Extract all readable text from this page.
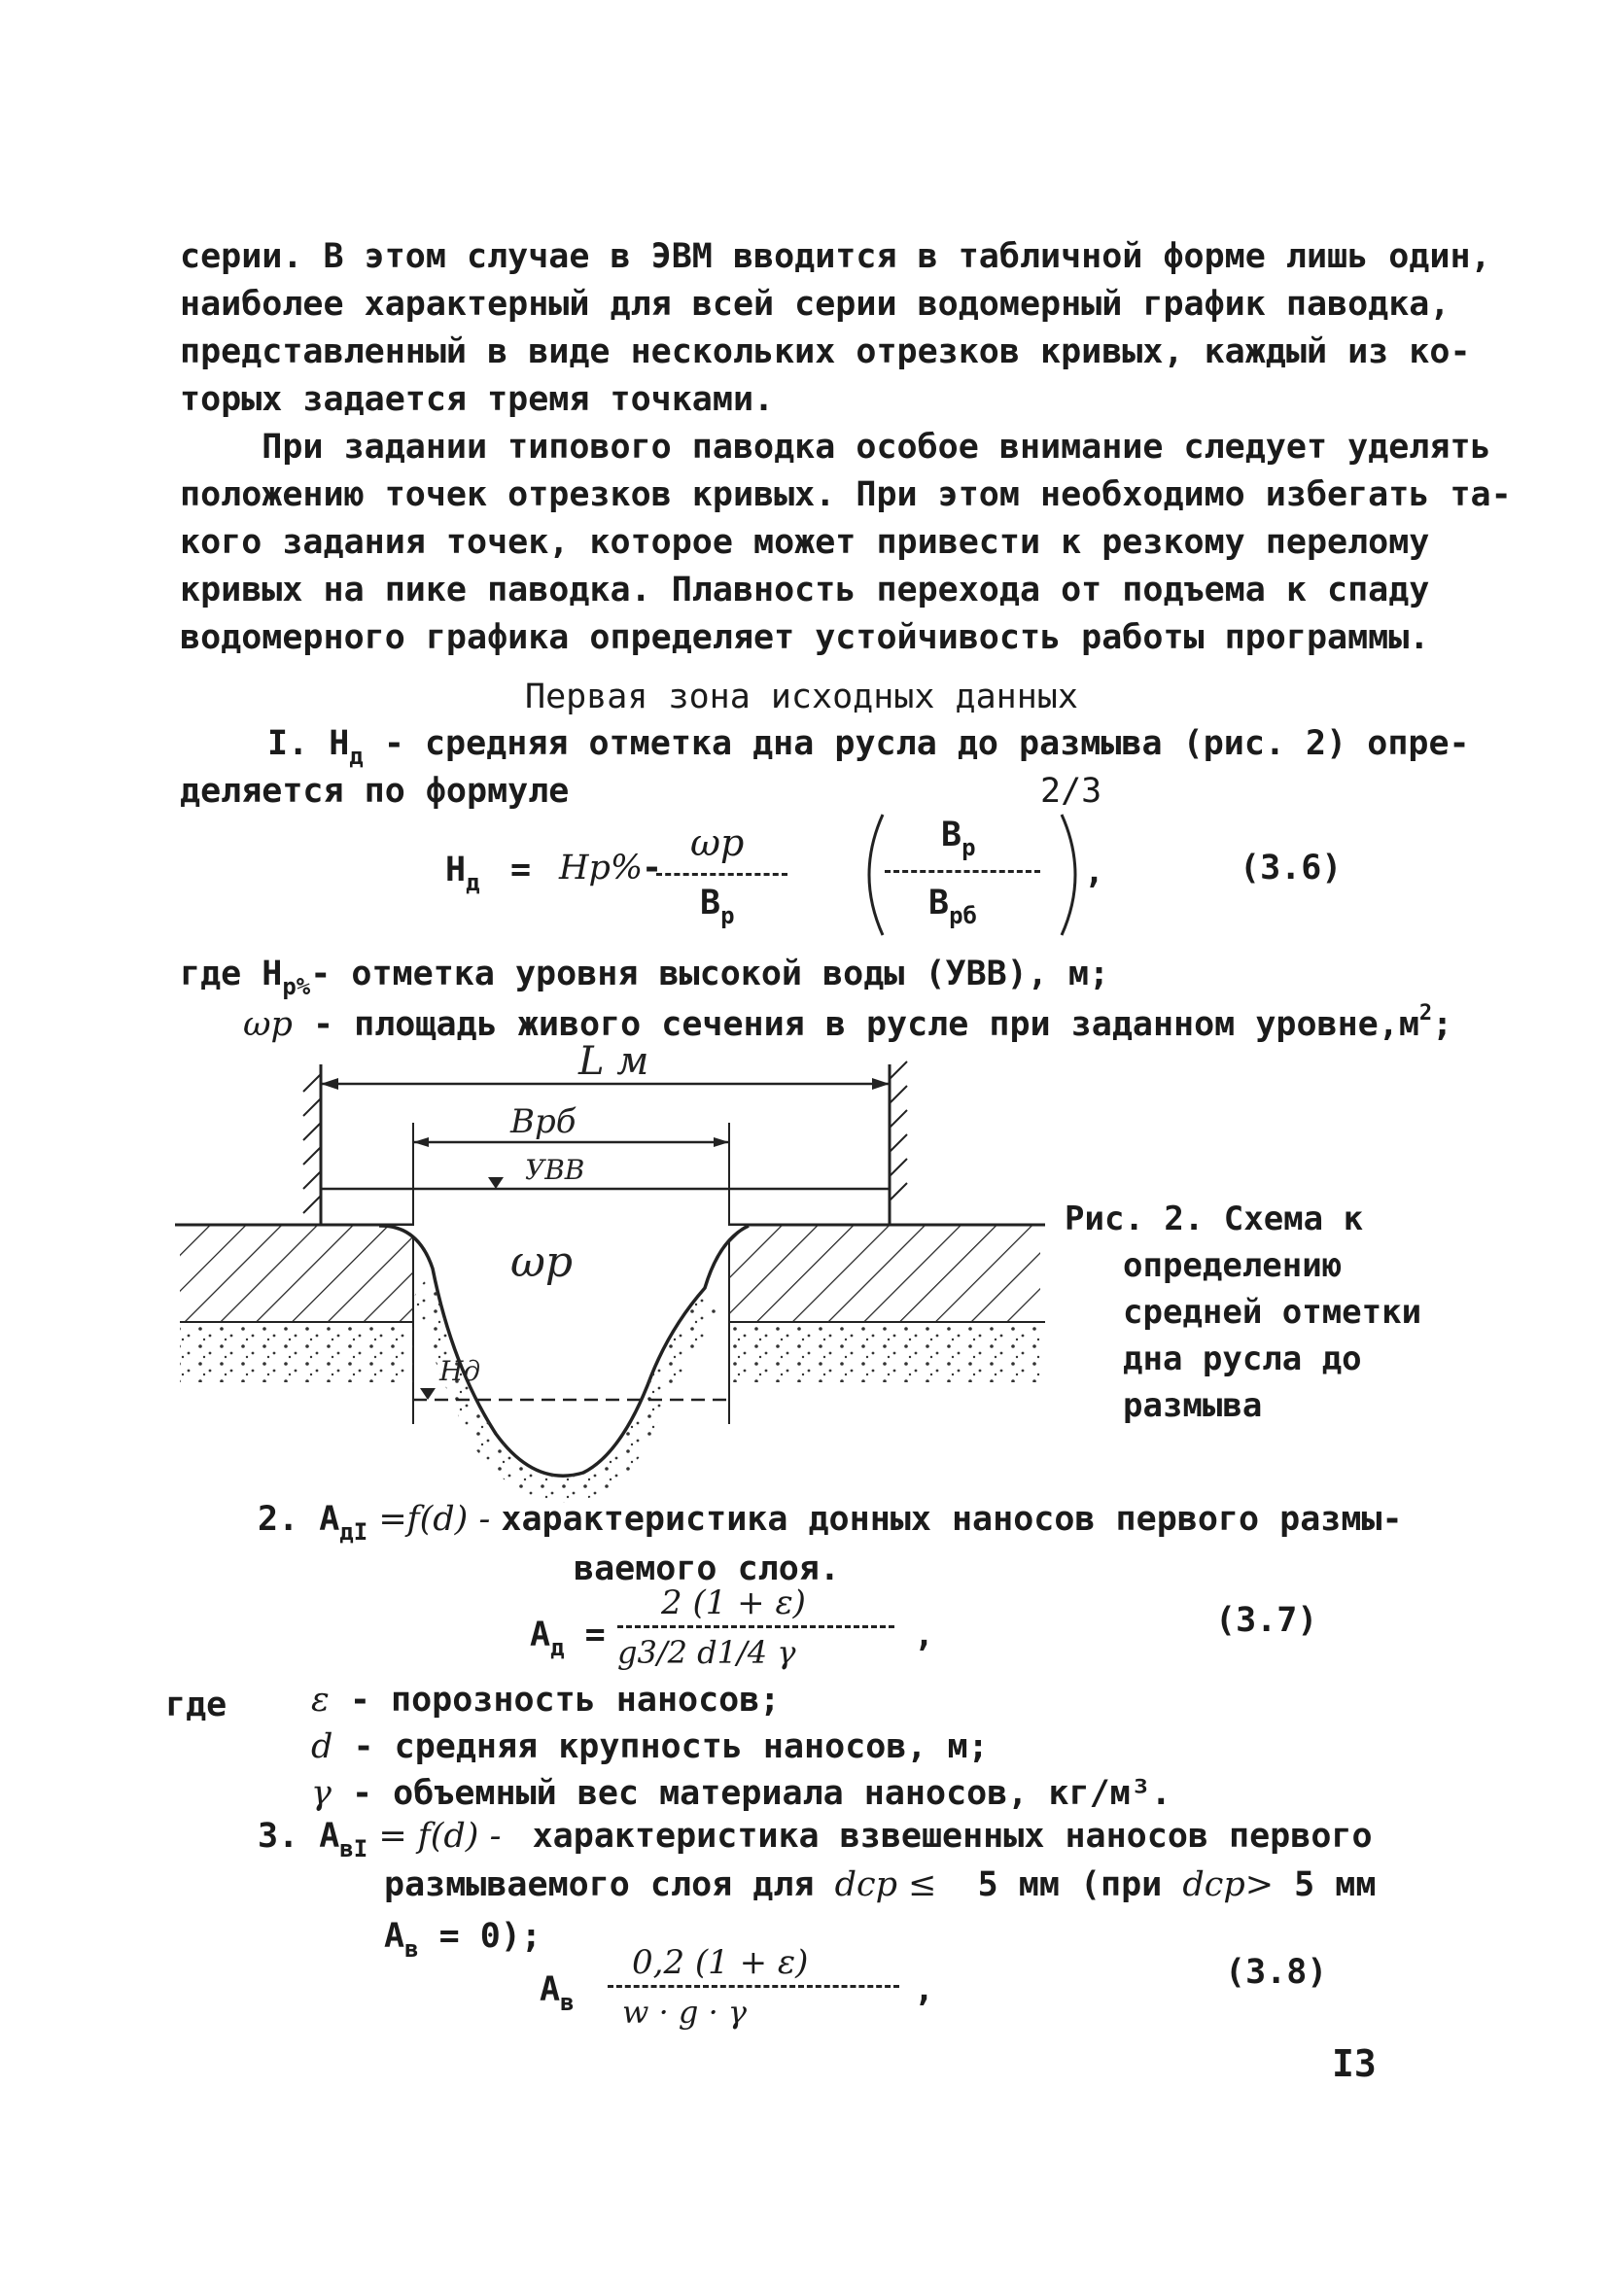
серии. В этом случае в ЭВМ вводится в табличной форме лишь один,
наиболее характерный для всей серии водомерный график паводка,
представленный в виде нескольких отрезков кривых, каждый из ко-
торых задается тремя точками.
При задании типового паводка особое внимание следует уделять
положению точек отрезков кривых. При этом необходимо избегать та-
кого задания точек, которое может привести к резкому перелому
кривых на пике паводка. Плавность перехода от подъема к спаду
водомерного графика определяет устойчивость работы программы.
Первая зона исходных данных
I. $Н_д$ - средняя отметка дна русла до размыва (рис. 2) опре-
деляется по формуле	2/3
$Н_д = Hр\%$
-
ωр
$В_р$
$В_р$
$В_{рб}$
,	(3.6)
где $Н_{р\%}-$ отметка уровня высокой воды (УВВ), м;
ωр - площадь живого сечения в русле при заданном $уровне,м^2$;
L м
Врб
УВВ
Нд
ωр
Рис. 2. Схема к
определению
средней отметки
дна русла до
размыва
2. $А_{дI} =f(d)$ - характеристика донных наносов первого размы-
ваемого слоя.
$А_д$ =
2 (1 + ε)
g3/2 d1/4 γ	,	(3.7)
где ε - порозность наносов;
d - средняя крупность наносов, м;
γ - объемный вес материала наносов, кг/м³.
3. $А_{вI} = f(d)$ -  характеристика взвешенных наносов первого
размываемого слоя для dср ≤  5 мм (при dср> 5 мм
$А_в = 0$);
$А_в$
0,2 (1 + ε)
w · g · γ
,	(3.8)
I3
